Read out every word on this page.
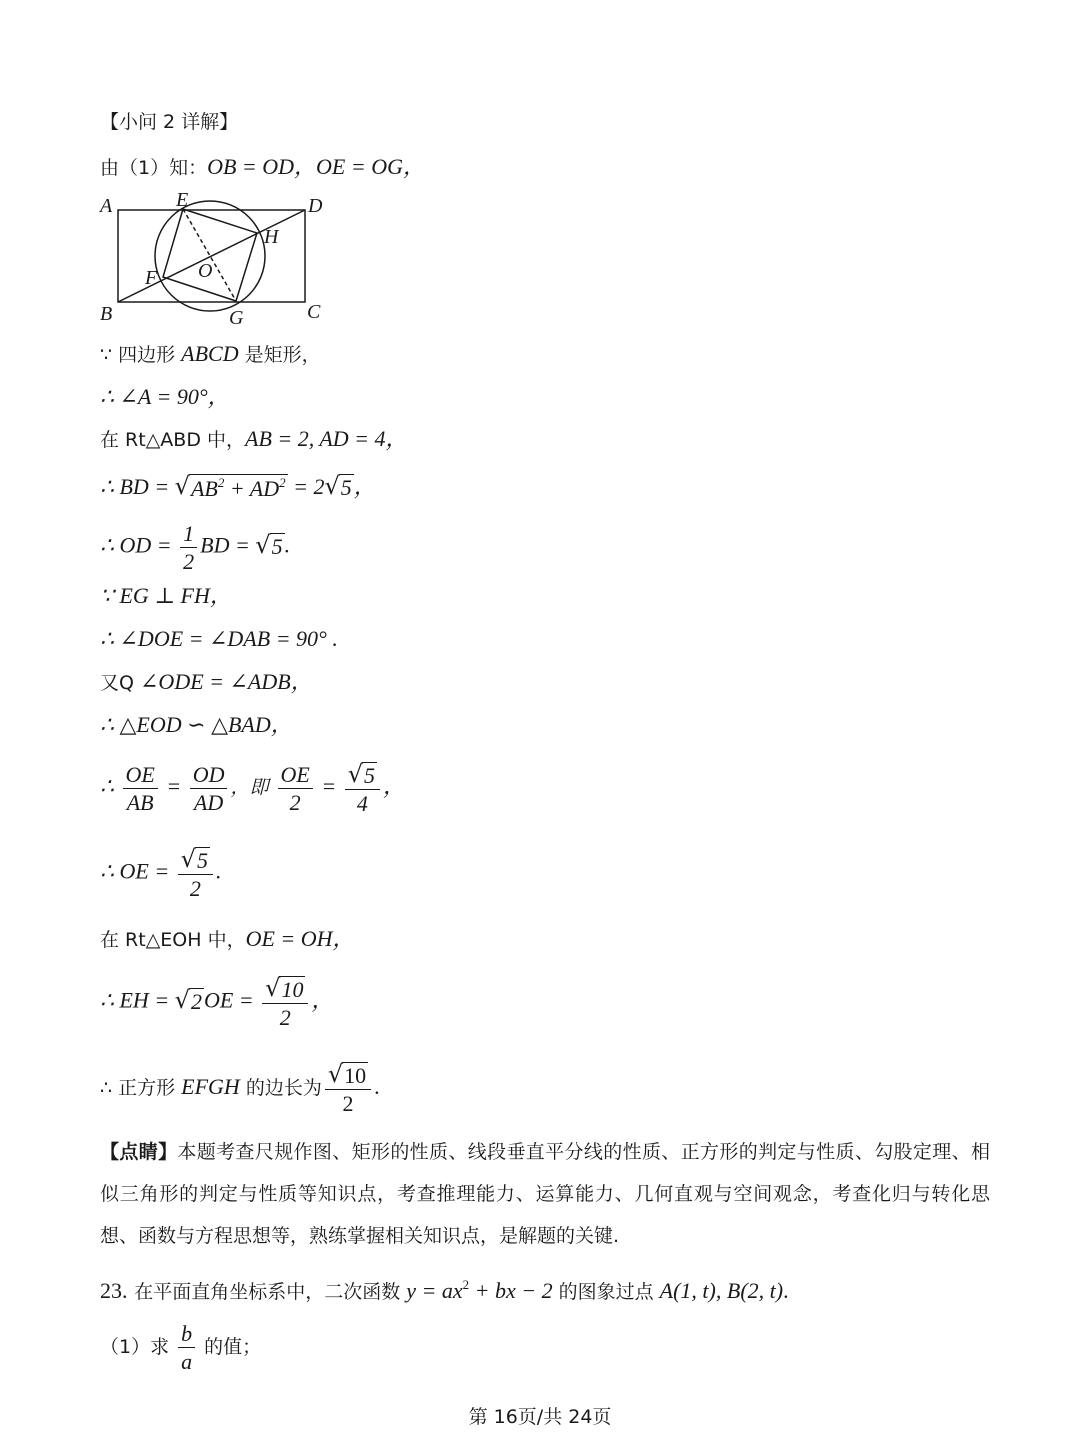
【小问 2 详解】
由（1）知：OB = OD，OE = OG，
A	E	D
H
O
F
B	G	C
∵ 四边形 ABCD 是矩形，
∴ ∠A = 90°，
在 Rt△ABD 中，AB = 2, AD = 4，
∴ BD = √ $AB^2 + AD^2 = 2$ √ 5 ，
∴ OD = $\frac{1}{2}$ BD = √ 5 .
∵ EG ⊥ FH，
∴ ∠DOE = ∠DAB = 90° .
又Q ∠ODE = ∠ADB，
∴ △EOD ∽ △BAD，
∴ $\frac{OE}{AB} = \frac{OD}{AD}$ ，即 $\frac{OE}{2} = \frac{√ 5}{4}$ ，
∴ OE = $\frac{√ 5}{2}$ .
在 Rt△EOH 中，OE = OH，
∴ EH = √ 2 OE = $\frac{√ 10}{2}$ ，
∴ 正方形 EFGH 的边长为 $\frac{√ 10}{2}$ .
【点睛】本题考查尺规作图、矩形的性质、线段垂直平分线的性质、正方形的判定与性质、勾股定理、相似三角形的判定与性质等知识点，考查推理能力、运算能力、几何直观与空间观念，考查化归与转化思想、函数与方程思想等，熟练掌握相关知识点，是解题的关键.
23. 在平面直角坐标系中，二次函数 $y = ax^2$ + bx − 2 的图象过点 A(1, t), B(2, t).
（1）求 $\frac{b}{a}$ 的值；
第 16页/共 24页
